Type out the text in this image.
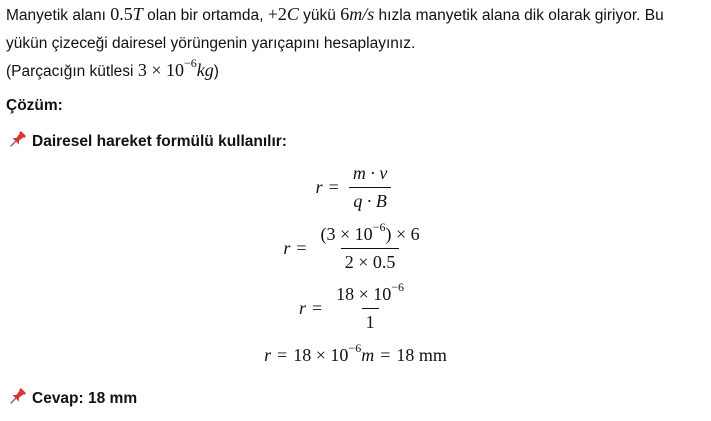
Manyetik alanı 0.5T olan bir ortamda, +2C yükü 6m/s hızla manyetik alana dik olarak giriyor. Bu
yükün çizeceği dairesel yörüngenin yarıçapını hesaplayınız.
(Parçacığın kütlesi $3 \times 10^{-6}kg$)
Çözüm:
Dairesel hareket formülü kullanılır:
$r = \frac{m \cdot v}{q \cdot B}$
$r = \frac{(3 \times 10^{-6}) \times 6}{2 \times 0.5}$
$r = \frac{18 \times 10^{-6}}{1}$
$r = 18 \times 10^{-6}$ m = 18 mm
Cevap: 18 mm
